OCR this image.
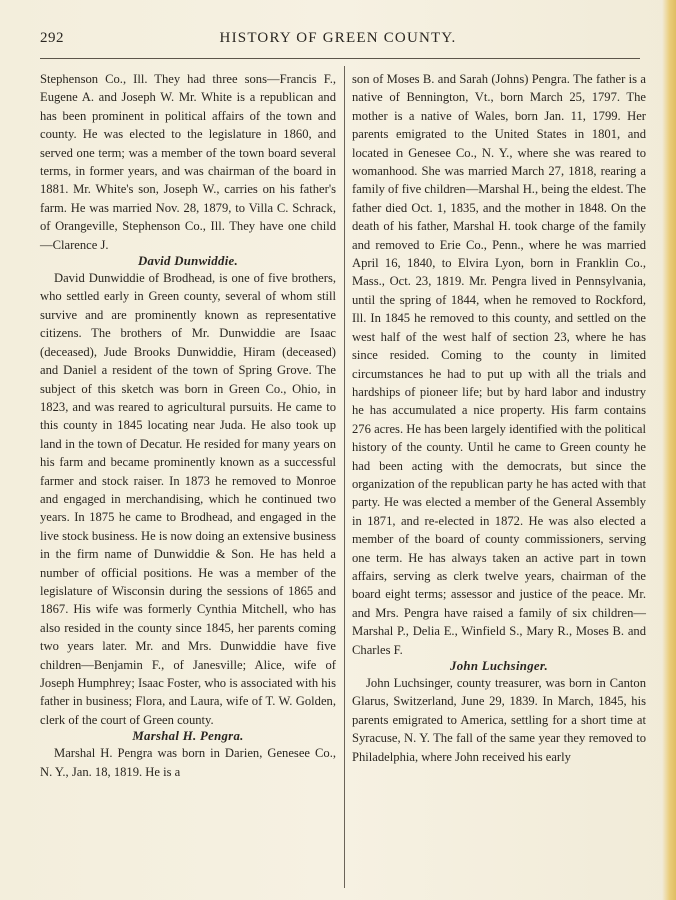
292	HISTORY OF GREEN COUNTY.

Stephenson Co., Ill. They had three sons—Francis F., Eugene A. and Joseph W. Mr. White is a republican and has been prominent in political affairs of the town and county. He was elected to the legislature in 1860, and served one term; was a member of the town board several terms, in former years, and was chairman of the board in 1881. Mr. White's son, Joseph W., carries on his father's farm. He was married Nov. 28, 1879, to Villa C. Schrack, of Orangeville, Stephenson Co., Ill. They have one child—Clarence J.

David Dunwiddie.

David Dunwiddie of Brodhead, is one of five brothers, who settled early in Green county, several of whom still survive and are prominently known as representative citizens. The brothers of Mr. Dunwiddie are Isaac (deceased), Jude Brooks Dunwiddie, Hiram (deceased) and Daniel a resident of the town of Spring Grove. The subject of this sketch was born in Green Co., Ohio, in 1823, and was reared to agricultural pursuits. He came to this county in 1845 locating near Juda. He also took up land in the town of Decatur. He resided for many years on his farm and became prominently known as a successful farmer and stock raiser. In 1873 he removed to Monroe and engaged in merchandising, which he continued two years. In 1875 he came to Brodhead, and engaged in the live stock business. He is now doing an extensive business in the firm name of Dunwiddie & Son. He has held a number of official positions. He was a member of the legislature of Wisconsin during the sessions of 1865 and 1867. His wife was formerly Cynthia Mitchell, who has also resided in the county since 1845, her parents coming two years later. Mr. and Mrs. Dunwiddie have five children—Benjamin F., of Janesville; Alice, wife of Joseph Humphrey; Isaac Foster, who is associated with his father in business; Flora, and Laura, wife of T. W. Golden, clerk of the court of Green county.

Marshal H. Pengra.

Marshal H. Pengra was born in Darien, Genesee Co., N. Y., Jan. 18, 1819. He is a

son of Moses B. and Sarah (Johns) Pengra. The father is a native of Bennington, Vt., born March 25, 1797. The mother is a native of Wales, born Jan. 11, 1799. Her parents emigrated to the United States in 1801, and located in Genesee Co., N. Y., where she was reared to womanhood. She was married March 27, 1818, rearing a family of five children—Marshal H., being the eldest. The father died Oct. 1, 1835, and the mother in 1848. On the death of his father, Marshal H. took charge of the family and removed to Erie Co., Penn., where he was married April 16, 1840, to Elvira Lyon, born in Franklin Co., Mass., Oct. 23, 1819. Mr. Pengra lived in Pennsylvania, until the spring of 1844, when he removed to Rockford, Ill. In 1845 he removed to this county, and settled on the west half of the west half of section 23, where he has since resided. Coming to the county in limited circumstances he had to put up with all the trials and hardships of pioneer life; but by hard labor and industry he has accumulated a nice property. His farm contains 276 acres. He has been largely identified with the political history of the county. Until he came to Green county he had been acting with the democrats, but since the organization of the republican party he has acted with that party. He was elected a member of the General Assembly in 1871, and re-elected in 1872. He was also elected a member of the board of county commissioners, serving one term. He has always taken an active part in town affairs, serving as clerk twelve years, chairman of the board eight terms; assessor and justice of the peace. Mr. and Mrs. Pengra have raised a family of six children—Marshal P., Delia E., Winfield S., Mary R., Moses B. and Charles F.

John Luchsinger.

John Luchsinger, county treasurer, was born in Canton Glarus, Switzerland, June 29, 1839. In March, 1845, his parents emigrated to America, settling for a short time at Syracuse, N. Y. The fall of the same year they removed to Philadelphia, where John received his early
